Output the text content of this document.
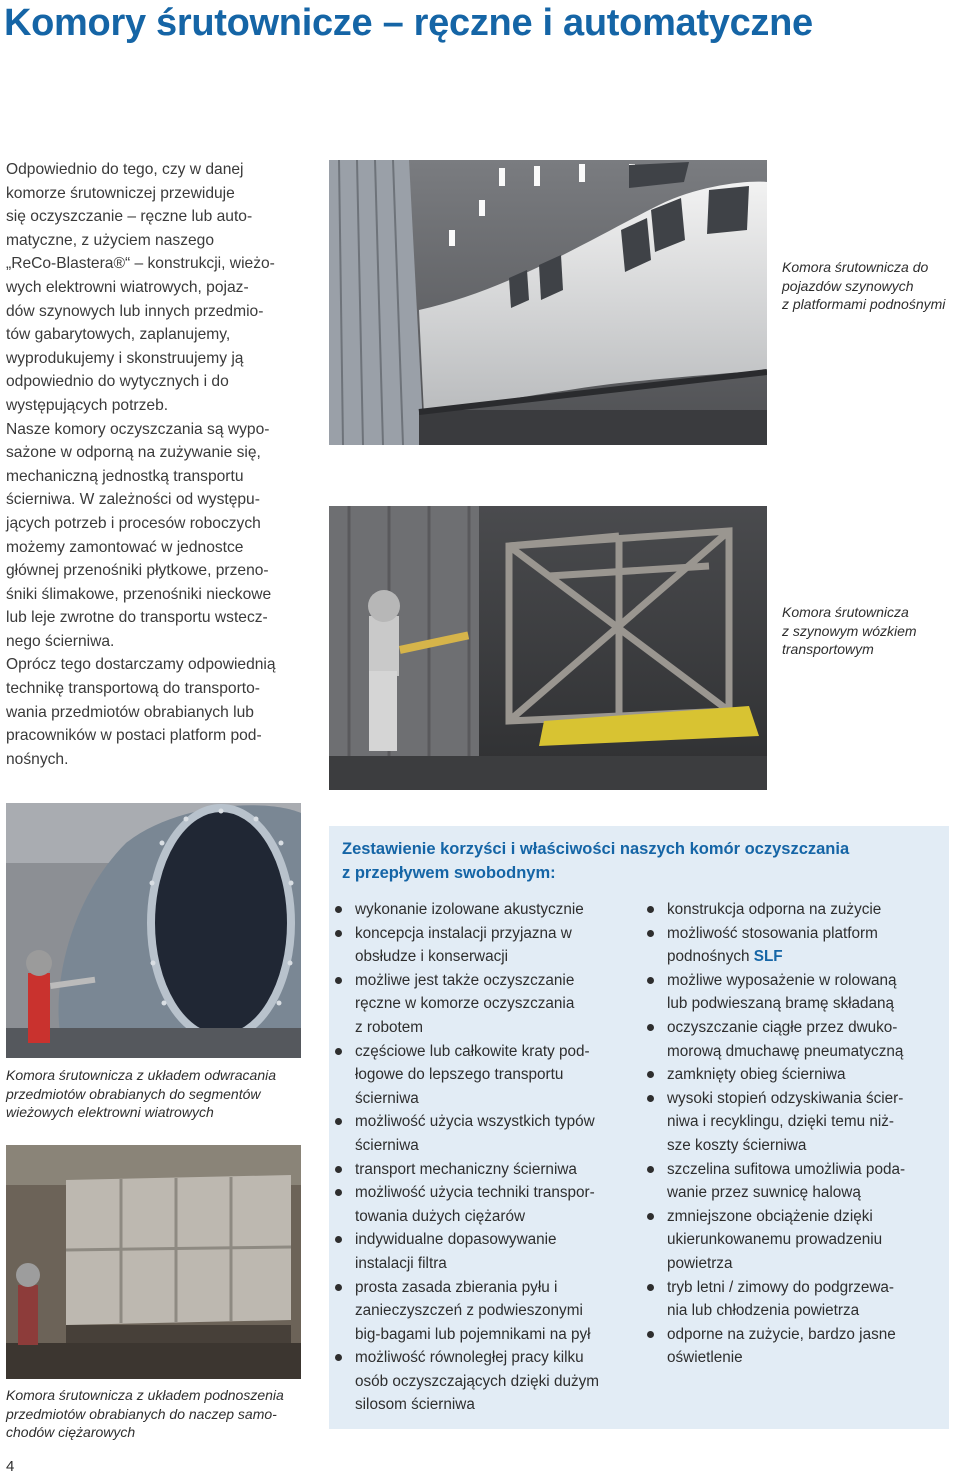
Komory śrutownicze – ręczne i automatyczne

Odpowiednio do tego, czy w danej
komorze śrutowniczej przewiduje
się oczyszczanie – ręczne lub auto-
matyczne, z użyciem naszego
„ReCo-Blastera®“ – konstrukcji, wieżo-
wych elektrowni wiatrowych, pojaz-
dów szynowych lub innych przedmio-
tów gabarytowych, zaplanujemy,
wyprodukujemy i skonstruujemy ją
odpowiednio do wytycznych i do
występujących potrzeb.
Nasze komory oczyszczania są wypo-
sażone w odporną na zużywanie się,
mechaniczną jednostką transportu
ścierniwa. W zależności od występu-
jących potrzeb i procesów roboczych
możemy zamontować w jednostce
głównej przenośniki płytkowe, przeno-
śniki ślimakowe, przenośniki nieckowe
lub leje zwrotne do transportu wstecz-
nego ścierniwa.
Oprócz tego dostarczamy odpowiednią
technikę transportową do transporto-
wania przedmiotów obrabianych lub
pracowników w postaci platform pod-
nośnych.

Komora śrutownicza do
pojazdów szynowych
z platformami podnośnymi
Komora śrutownicza
z szynowym wózkiem
transportowym
Komora śrutownicza z układem odwracania
przedmiotów obrabianych do segmentów
wieżowych elektrowni wiatrowych
Komora śrutownicza z układem podnoszenia
przedmiotów obrabianych do naczep samo-
chodów ciężarowych
Zestawienie korzyści i właściwości naszych komór oczyszczania
z przepływem swobodnym:
wykonanie izolowane akustycznie
koncepcja instalacji przyjazna w
obsłudze i konserwacji
możliwe jest także oczyszczanie
ręczne w komorze oczyszczania
z robotem
częściowe lub całkowite kraty pod-
łogowe do lepszego transportu
ścierniwa
możliwość użycia wszystkich typów
ścierniwa
transport mechaniczny ścierniwa
możliwość użycia techniki transpor-
towania dużych ciężarów
indywidualne dopasowywanie
instalacji filtra
prosta zasada zbierania pyłu i
zanieczyszczeń z podwieszonymi
big-bagami lub pojemnikami na pył
możliwość równoległej pracy kilku
osób oczyszczających dzięki dużym
silosom ścierniwa
konstrukcja odporna na zużycie
możliwość stosowania platform
podnośnych SLF
możliwe wyposażenie w rolowaną
lub podwieszaną bramę składaną
oczyszczanie ciągłe przez dwuko-
morową dmuchawę pneumatyczną
zamknięty obieg ścierniwa
wysoki stopień odzyskiwania ścier-
niwa i recyklingu, dzięki temu niż-
sze koszty ścierniwa
szczelina sufitowa umożliwia poda-
wanie przez suwnicę halową
zmniejszone obciążenie dzięki
ukierunkowanemu prowadzeniu
powietrza
tryb letni / zimowy do podgrzewa-
nia lub chłodzenia powietrza
odporne na zużycie, bardzo jasne
oświetlenie

4
